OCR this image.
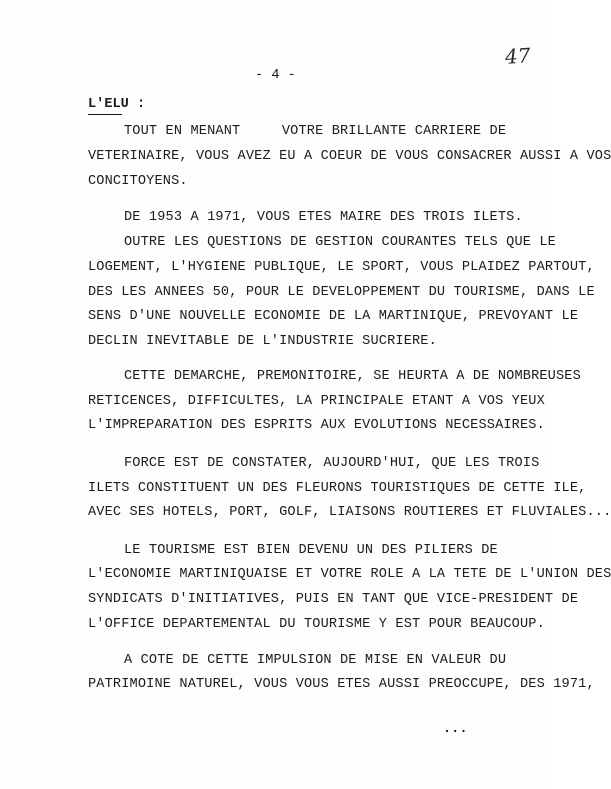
47
- 4 -
L'ELU :
TOUT EN MENANT     VOTRE BRILLANTE CARRIERE DE
VETERINAIRE, VOUS AVEZ EU A COEUR DE VOUS CONSACRER AUSSI A VOS
CONCITOYENS.
DE 1953 A 1971, VOUS ETES MAIRE DES TROIS ILETS.
OUTRE LES QUESTIONS DE GESTION COURANTES TELS QUE LE
LOGEMENT, L'HYGIENE PUBLIQUE, LE SPORT, VOUS PLAIDEZ PARTOUT,
DES LES ANNEES 50, POUR LE DEVELOPPEMENT DU TOURISME, DANS LE
SENS D'UNE NOUVELLE ECONOMIE DE LA MARTINIQUE, PREVOYANT LE
DECLIN INEVITABLE DE L'INDUSTRIE SUCRIERE.
CETTE DEMARCHE, PREMONITOIRE, SE HEURTA A DE NOMBREUSES
RETICENCES, DIFFICULTES, LA PRINCIPALE ETANT A VOS YEUX
L'IMPREPARATION DES ESPRITS AUX EVOLUTIONS NECESSAIRES.
FORCE EST DE CONSTATER, AUJOURD'HUI, QUE LES TROIS
ILETS CONSTITUENT UN DES FLEURONS TOURISTIQUES DE CETTE ILE,
AVEC SES HOTELS, PORT, GOLF, LIAISONS ROUTIERES ET FLUVIALES...
LE TOURISME EST BIEN DEVENU UN DES PILIERS DE
L'ECONOMIE MARTINIQUAISE ET VOTRE ROLE A LA TETE DE L'UNION DES
SYNDICATS D'INITIATIVES, PUIS EN TANT QUE VICE-PRESIDENT DE
L'OFFICE DEPARTEMENTAL DU TOURISME Y EST POUR BEAUCOUP.
A COTE DE CETTE IMPULSION DE MISE EN VALEUR DU
PATRIMOINE NATUREL, VOUS VOUS ETES AUSSI PREOCCUPE, DES 1971,
...
